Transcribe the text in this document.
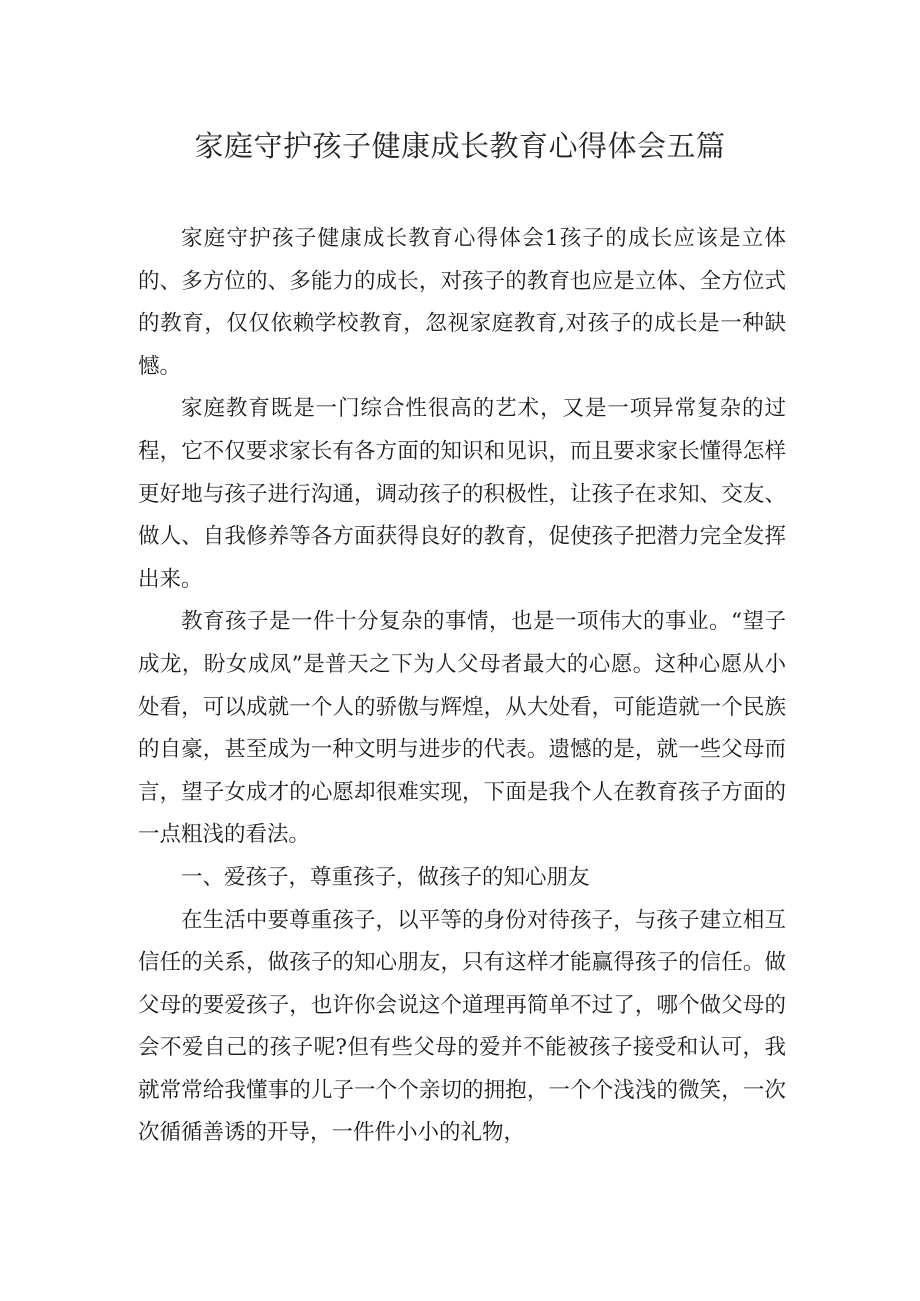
家庭守护孩子健康成长教育心得体会五篇

家庭守护孩子健康成长教育心得体会1孩子的成长应该是立体的、多方位的、多能力的成长，对孩子的教育也应是立体、全方位式的教育，仅仅依赖学校教育，忽视家庭教育,对孩子的成长是一种缺憾。

家庭教育既是一门综合性很高的艺术，又是一项异常复杂的过程，它不仅要求家长有各方面的知识和见识，而且要求家长懂得怎样更好地与孩子进行沟通，调动孩子的积极性，让孩子在求知、交友、做人、自我修养等各方面获得良好的教育，促使孩子把潜力完全发挥出来。

教育孩子是一件十分复杂的事情，也是一项伟大的事业。“望子成龙，盼女成凤”是普天之下为人父母者最大的心愿。这种心愿从小处看，可以成就一个人的骄傲与辉煌，从大处看，可能造就一个民族的自豪，甚至成为一种文明与进步的代表。遗憾的是，就一些父母而言，望子女成才的心愿却很难实现，下面是我个人在教育孩子方面的一点粗浅的看法。

一、爱孩子，尊重孩子，做孩子的知心朋友

在生活中要尊重孩子，以平等的身份对待孩子，与孩子建立相互信任的关系，做孩子的知心朋友，只有这样才能赢得孩子的信任。做父母的要爱孩子，也许你会说这个道理再简单不过了，哪个做父母的会不爱自己的孩子呢?但有些父母的爱并不能被孩子接受和认可，我就常常给我懂事的儿子一个个亲切的拥抱，一个个浅浅的微笑，一次次循循善诱的开导，一件件小小的礼物，
